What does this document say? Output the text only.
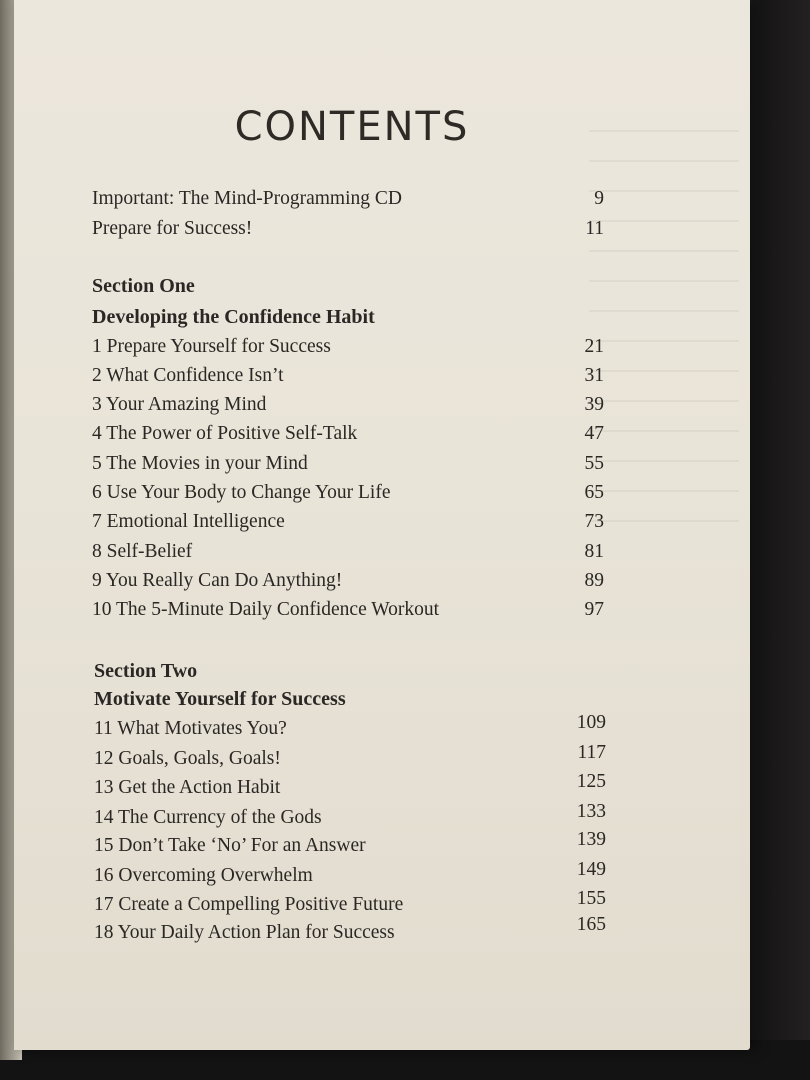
CONTENTS
Important: The Mind-Programming CD	9
Prepare for Success!	11
Section One
Developing the Confidence Habit
1 Prepare Yourself for Success	21
2 What Confidence Isn’t	31
3 Your Amazing Mind	39
4 The Power of Positive Self-Talk	47
5 The Movies in your Mind	55
6 Use Your Body to Change Your Life	65
7 Emotional Intelligence	73
8 Self-Belief	81
9 You Really Can Do Anything!	89
10 The 5-Minute Daily Confidence Workout	97
Section Two
Motivate Yourself for Success
11 What Motivates You?	109
12 Goals, Goals, Goals!	117
13 Get the Action Habit	125
14 The Currency of the Gods	133
15 Don’t Take ‘No’ For an Answer	139
16 Overcoming Overwhelm	149
17 Create a Compelling Positive Future	155
18 Your Daily Action Plan for Success	165
